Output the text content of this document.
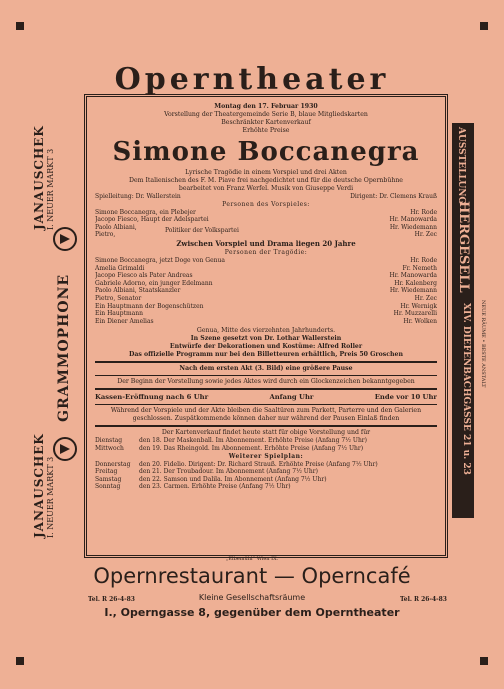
Operntheater
JANAUSCHEK I. NEUER MARKT 3
JANAUSCHEK I. NEUER MARKT 3
GRAMMOPHONE
AUSSTELLUNG
HERGESELL
XIV. DIEFENBACHGASSE 21 u. 23 NEUE RÄUME • BESTE ANSTALT
Montag den 17. Februar 1930
Vorstellung der Theatergemeinde Serie B, blaue Mitgliedskarten
Beschränkter Kartenverkauf
Erhöhte Preise
Simone Boccanegra
Lyrische Tragödie in einem Vorspiel und drei Akten
Dem Italienischen des F. M. Piave frei nachgedichtet und für die deutsche Opernbühne
bearbeitet von Franz Werfel. Musik von Giuseppe Verdi
Spielleitung: Dr. Wallerstein	Dirigent: Dr. Clemens Krauß
Personen des Vorspieles:
Simone Boccanegra, ein Plebejer	Hr. Rode
Jacopo Fiesco, Haupt der Adelspartei	Hr. Manowarda
Paolo Albiani,	Politiker der Volkspartei	Hr. Wiedemann
Pietro,	Hr. Zec
Zwischen Vorspiel und Drama liegen 20 Jahre
Personen der Tragödie:
Simone Boccanegra, jetzt Doge von Genua	Hr. Rode
Amelia Grimaldi	Fr. Nemeth
Jacopo Fiesco als Pater Andreas	Hr. Manowarda
Gabriele Adorno, ein junger Edelmann	Hr. Kalenberg
Paolo Albiani, Staatskanzler	Hr. Wiedemann
Pietro, Senator	Hr. Zec
Ein Hauptmann der Bogenschützen	Hr. Wernigk
Ein Hauptmann	Hr. Muzzarelli
Ein Diener Amelias	Hr. Wolken
Genua, Mitte des vierzehnten Jahrhunderts.
In Szene gesetzt von Dr. Lothar Wallerstein
Entwürfe der Dekorationen und Kostüme: Alfred Roller
Das offizielle Programm nur bei den Billetteuren erhältlich, Preis 50 Groschen
Nach dem ersten Akt (3. Bild) eine größere Pause
Der Beginn der Vorstellung sowie jedes Aktes wird durch ein Glockenzeichen bekanntgegeben
Kassen-Eröffnung nach 6 Uhr	Anfang Uhr	Ende vor 10 Uhr
Während der Vorspiele und der Akte bleiben die Saaltüren zum Parkett, Parterre und den Galerien geschlossen. Zuspätkommende können daher nur während der Pausen Einlaß finden
Der Kartenverkauf findet heute statt für obige Vorstellung und für
Dienstag	den 18. Der Maskenball. Im Abonnement. Erhöhte Preise (Anfang 7½ Uhr)
Mittwoch	den 19. Das Rheingold. Im Abonnement. Erhöhte Preise (Anfang 7½ Uhr)
Weiterer Spielplan:
Donnerstag	den 20. Fidelio. Dirigent: Dr. Richard Strauß. Erhöhte Preise (Anfang 7½ Uhr)
Freitag	den 21. Der Troubadour. Im Abonnement (Anfang 7½ Uhr)
Samstag	den 22. Samson und Dalila. Im Abonnement (Anfang 7½ Uhr)
Sonntag	den 23. Carmen. Erhöhte Preise (Anfang 7½ Uhr)
„Elbemühl“ Wien IX.
Opernrestaurant — Operncafé
Tel. R 26-4-83	Tel. R 26-4-83
Kleine Gesellschaftsräume
I., Operngasse 8, gegenüber dem Operntheater
